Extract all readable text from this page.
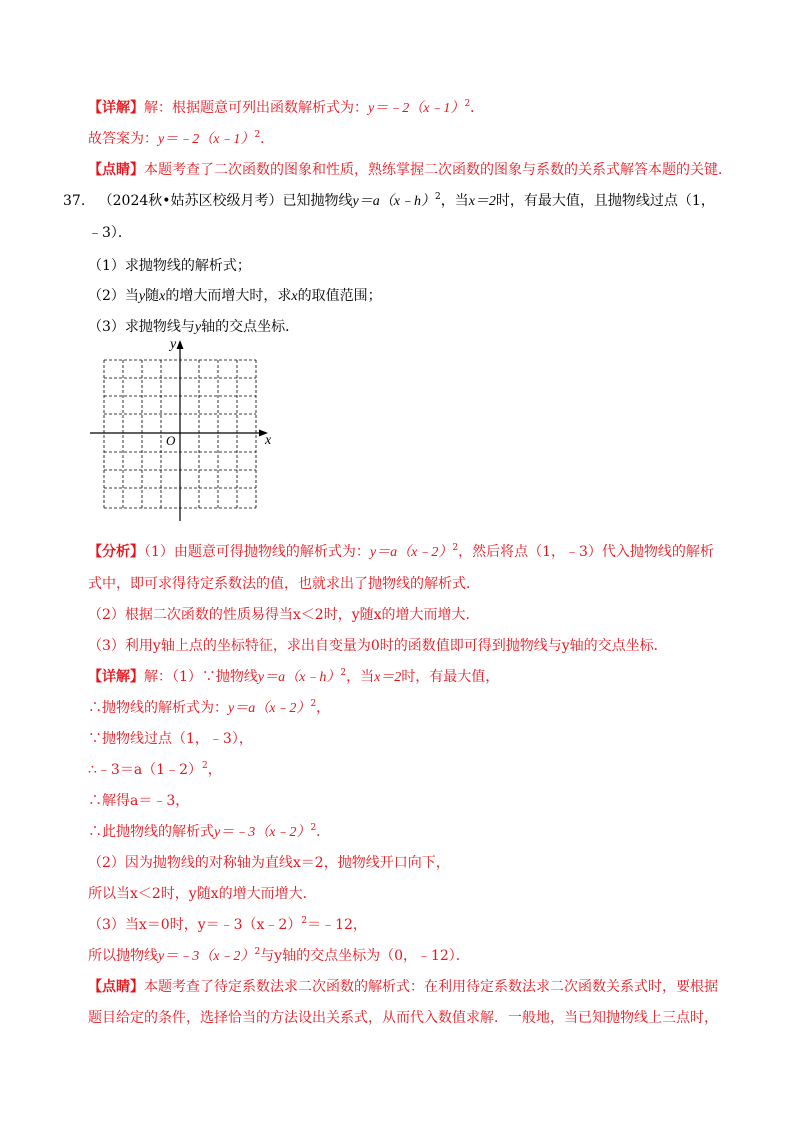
【详解】解：根据题意可列出函数解析式为：y＝﹣2（x﹣1）$^2$．
故答案为：y＝﹣2（x﹣1）$^2$．
【点睛】本题考查了二次函数的图象和性质，熟练掌握二次函数的图象与系数的关系式解答本题的关键．
37. （2024秋•姑苏区校级月考）已知抛物线y＝a（x﹣h）$^2$，当x＝2时，有最大值，且抛物线过点（1，
﹣3）．
（1）求抛物线的解析式；
（2）当y随x的增大而增大时，求x的取值范围；
（3）求抛物线与y轴的交点坐标．
y
x
O
【分析】（1）由题意可得抛物线的解析式为：y＝a（x﹣2）$^2$，然后将点（1，﹣3）代入抛物线的解析
式中，即可求得待定系数法的值，也就求出了抛物线的解析式．
（2）根据二次函数的性质易得当x＜2时，y随x的增大而增大．
（3）利用y轴上点的坐标特征，求出自变量为0时的函数值即可得到抛物线与y轴的交点坐标．
【详解】解：（1）∵抛物线y＝a（x﹣h）$^2$，当x＝2时，有最大值，
∴抛物线的解析式为：y＝a（x﹣2）$^2$，
∵抛物线过点（1，﹣3），
∴﹣3＝a（1﹣2）$^2$，
∴解得a＝﹣3，
∴此抛物线的解析式y＝﹣3（x﹣2）$^2$．
（2）因为抛物线的对称轴为直线x＝2，抛物线开口向下，
所以当x＜2时，y随x的增大而增大．
（3）当x＝0时，y＝﹣3（x﹣2）$^2$＝﹣12，
所以抛物线y＝﹣3（x﹣2）$^2$与y轴的交点坐标为（0，﹣12）．
【点睛】本题考查了待定系数法求二次函数的解析式：在利用待定系数法求二次函数关系式时，要根据
题目给定的条件，选择恰当的方法设出关系式，从而代入数值求解．一般地，当已知抛物线上三点时，
